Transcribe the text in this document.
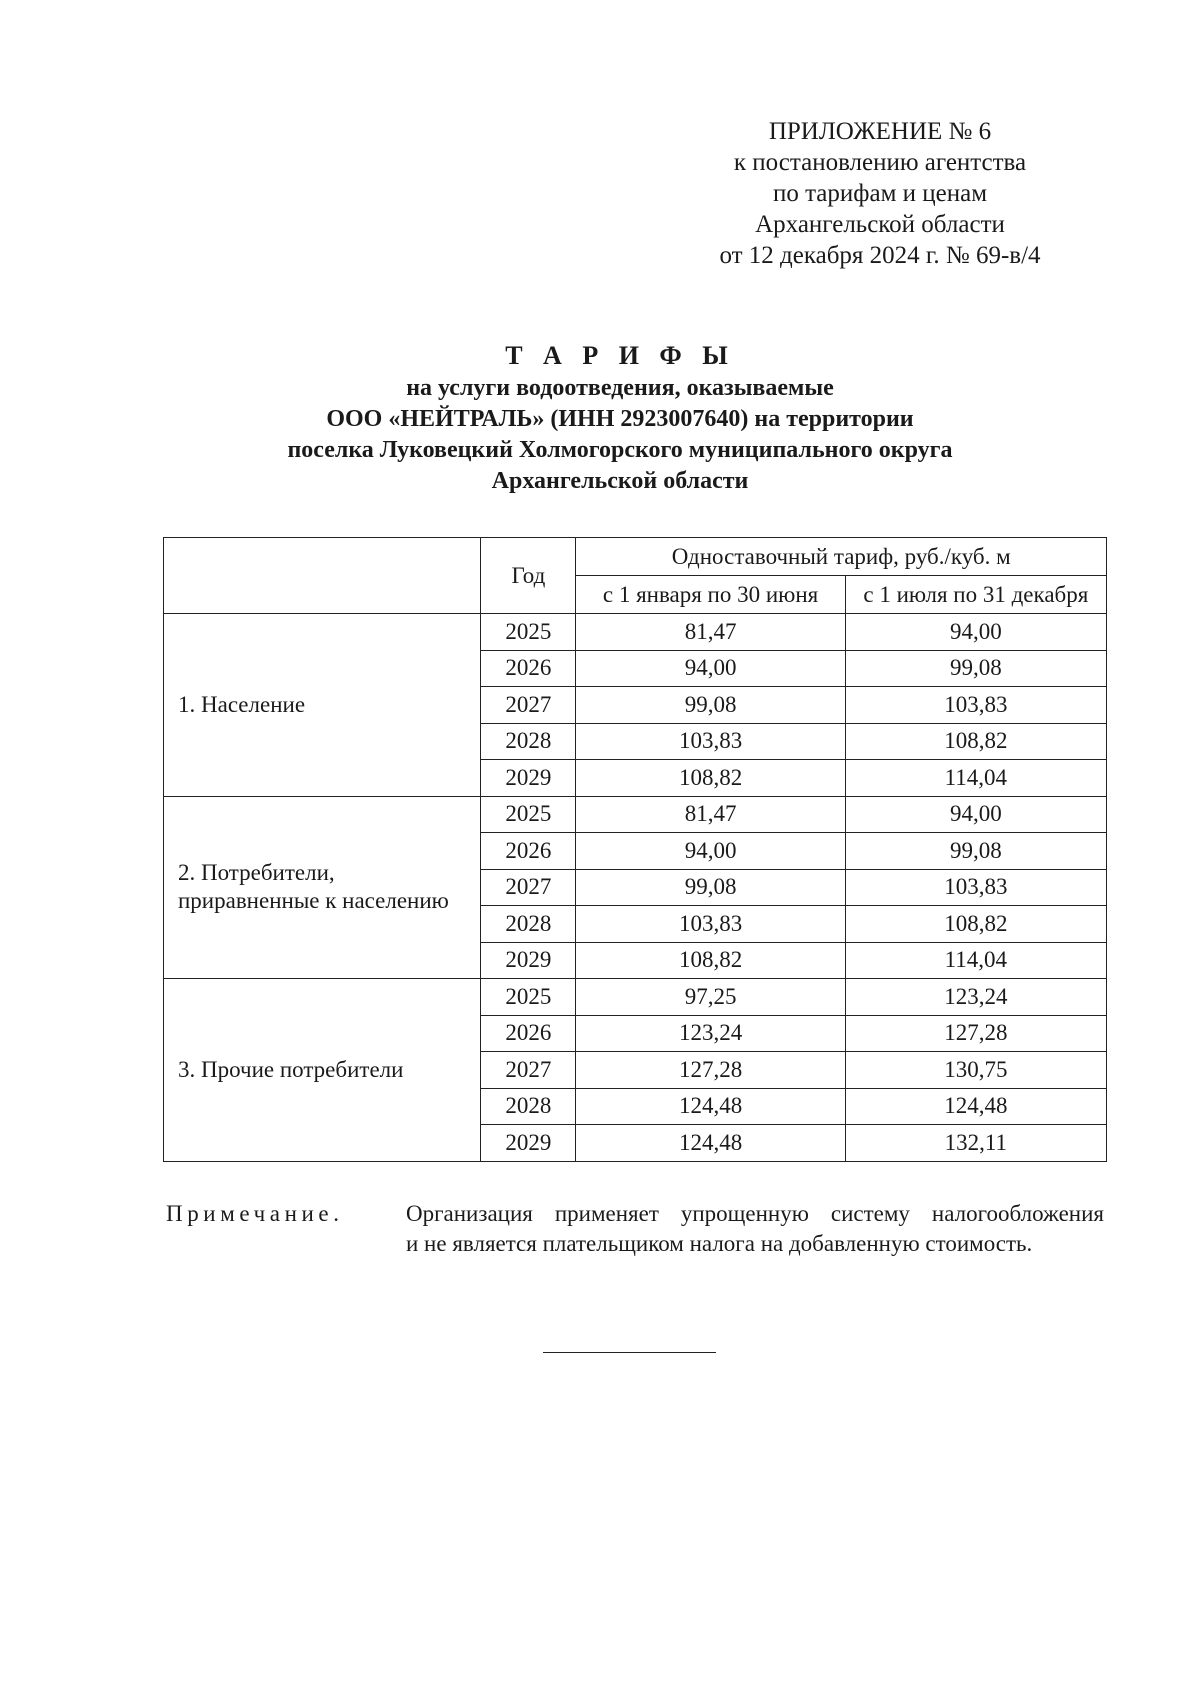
ПРИЛОЖЕНИЕ № 6
к постановлению агентства
по тарифам и ценам
Архангельской области
от 12 декабря 2024 г. № 69-в/4
Т А Р И Ф Ы
на услуги водоотведения, оказываемые
ООО «НЕЙТРАЛЬ» (ИНН 2923007640) на территории
поселка Луковецкий Холмогорского муниципального округа
Архангельской области
	Год	Одноставочный тариф, руб./куб. м	
		с 1 января по 30 июня	с 1 июля по 31 декабря

1. Население	2025	81,47	94,00
	2026	94,00	99,08
	2027	99,08	103,83
	2028	103,83	108,82
	2029	108,82	114,04

2. Потребители,
приравненные к населению	2025	81,47	94,00
	2026	94,00	99,08
	2027	99,08	103,83
	2028	103,83	108,82
	2029	108,82	114,04

3. Прочие потребители	2025	97,25	123,24
	2026	123,24	127,28
	2027	127,28	130,75
	2028	124,48	124,48
	2029	124,48	132,11
Примечание.	Организация применяет упрощенную систему налогообложения
и не является плательщиком налога на добавленную стоимость.
